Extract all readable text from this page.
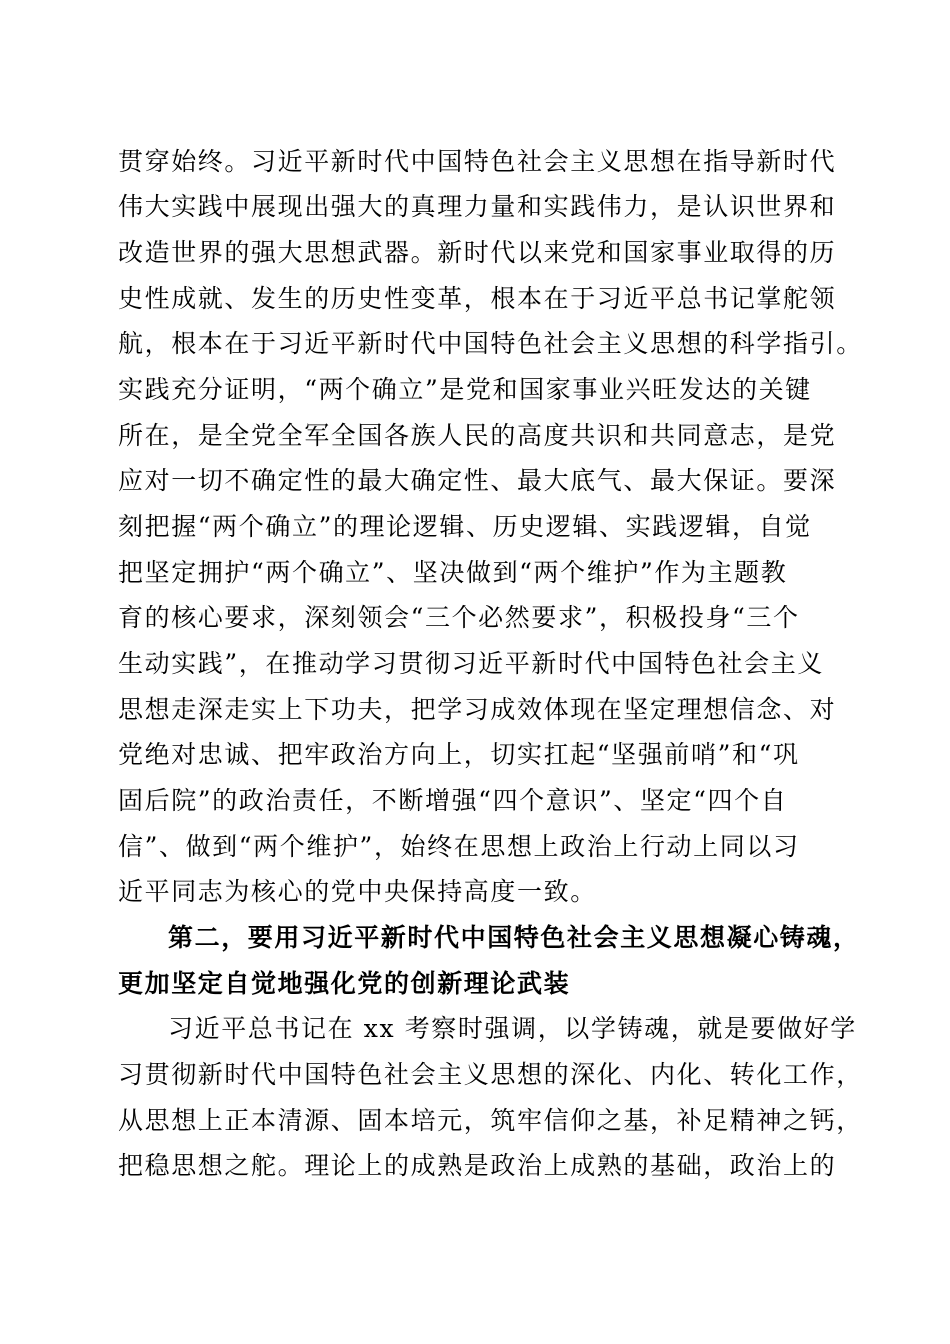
贯穿始终。习近平新时代中国特色社会主义思想在指导新时代
伟大实践中展现出强大的真理力量和实践伟力，是认识世界和
改造世界的强大思想武器。新时代以来党和国家事业取得的历
史性成就、发生的历史性变革，根本在于习近平总书记掌舵领
航，根本在于习近平新时代中国特色社会主义思想的科学指引。
实践充分证明，“两个确立”是党和国家事业兴旺发达的关键
所在，是全党全军全国各族人民的高度共识和共同意志，是党
应对一切不确定性的最大确定性、最大底气、最大保证。要深
刻把握“两个确立”的理论逻辑、历史逻辑、实践逻辑，自觉
把坚定拥护“两个确立”、坚决做到“两个维护”作为主题教
育的核心要求，深刻领会“三个必然要求”，积极投身“三个
生动实践”，在推动学习贯彻习近平新时代中国特色社会主义
思想走深走实上下功夫，把学习成效体现在坚定理想信念、对
党绝对忠诚、把牢政治方向上，切实扛起“坚强前哨”和“巩
固后院”的政治责任，不断增强“四个意识”、坚定“四个自
信”、做到“两个维护”，始终在思想上政治上行动上同以习
近平同志为核心的党中央保持高度一致。
第二，要用习近平新时代中国特色社会主义思想凝心铸魂，
更加坚定自觉地强化党的创新理论武装
习近平总书记在 xx 考察时强调，以学铸魂，就是要做好学
习贯彻新时代中国特色社会主义思想的深化、内化、转化工作，
从思想上正本清源、固本培元，筑牢信仰之基，补足精神之钙，
把稳思想之舵。理论上的成熟是政治上成熟的基础，政治上的
